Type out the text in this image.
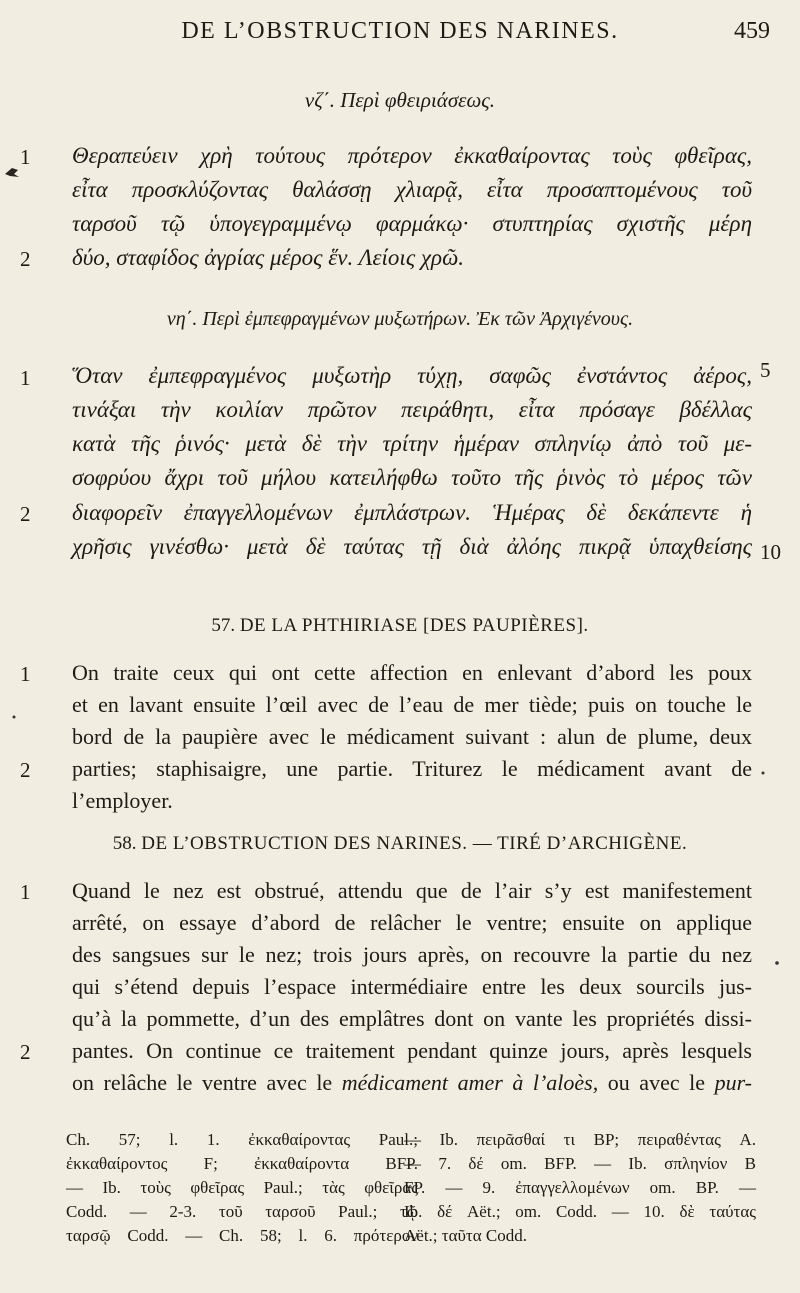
DE L’OBSTRUCTION DES NARINES.	459
νζ΄. Περὶ φθειριάσεως.
Θεραπεύειν χρὴ τούτους πρότερον ἐκκαθαίροντας τοὺς φθεῖρας,
εἶτα προσκλύζοντας θαλάσσῃ χλιαρᾷ, εἶτα προσαπτομένους τοῦ
ταρσοῦ τῷ ὑπογεγραμμένῳ φαρμάκῳ· στυπτηρίας σχιστῆς μέρη
δύο, σταφίδος ἀγρίας μέρος ἕν. Λείοις χρῶ.
νη΄. Περὶ ἐμπεφραγμένων μυξωτήρων. Ἐκ τῶν Ἀρχιγένους.
Ὅταν ἐμπεφραγμένος μυξωτὴρ τύχῃ, σαφῶς ἐνστάντος ἀέρος,
τινάξαι τὴν κοιλίαν πρῶτον πειράθητι, εἶτα πρόσαγε βδέλλας
κατὰ τῆς ῥινός· μετὰ δὲ τὴν τρίτην ἡμέραν σπληνίῳ ἀπὸ τοῦ με-
σοφρύου ἄχρι τοῦ μήλου κατειλήφθω τοῦτο τῆς ῥινὸς τὸ μέρος τῶν
διαφορεῖν ἐπαγγελλομένων ἐμπλάστρων. Ἡμέρας δὲ δεκάπεντε ἡ
χρῆσις γινέσθω· μετὰ δὲ ταύτας τῇ διὰ ἀλόης πικρᾷ ὑπαχθείσης
57. DE LA PHTHIRIASE [DES PAUPIÈRES].
On traite ceux qui ont cette affection en enlevant d’abord les poux
et en lavant ensuite l’œil avec de l’eau de mer tiède; puis on touche le
bord de la paupière avec le médicament suivant : alun de plume, deux
parties; staphisaigre, une partie. Triturez le médicament avant de
l’employer.
58. DE L’OBSTRUCTION DES NARINES. — TIRÉ D’ARCHIGÈNE.
Quand le nez est obstrué, attendu que de l’air s’y est manifestement
arrêté, on essaye d’abord de relâcher le ventre; ensuite on applique
des sangsues sur le nez; trois jours après, on recouvre la partie du nez
qui s’étend depuis l’espace intermédiaire entre les deux sourcils jus-
qu’à la pommette, d’un des emplâtres dont on vante les propriétés dissi-
pantes. On continue ce traitement pendant quinze jours, après lesquels
on relâche le ventre avec le médicament amer à l’aloès, ou avec le pur-
1
2
1	5
2
10
1
2
1
2
Ch. 57; l. 1. ἐκκαθαίροντας Paul.;
ἐκκαθαίροντος F; ἐκκαθαίροντα BFP.
— Ib. τοὺς φθεῖρας Paul.; τὰς φθεῖρας
Codd. — 2-3. τοῦ ταρσοῦ Paul.; τῷ
ταρσῷ Codd. — Ch. 58; l. 6. πρότερον
— Ib. πειρᾶσθαί τι BP; πειραθέντας A.
— 7. δέ om. BFP. — Ib. σπληνίον B
FP. — 9. ἐπαγγελλομένων om. BP. —
Ib. δέ Aët.; om. Codd. — 10. δὲ ταύτας
Aët.; ταῦτα Codd.
